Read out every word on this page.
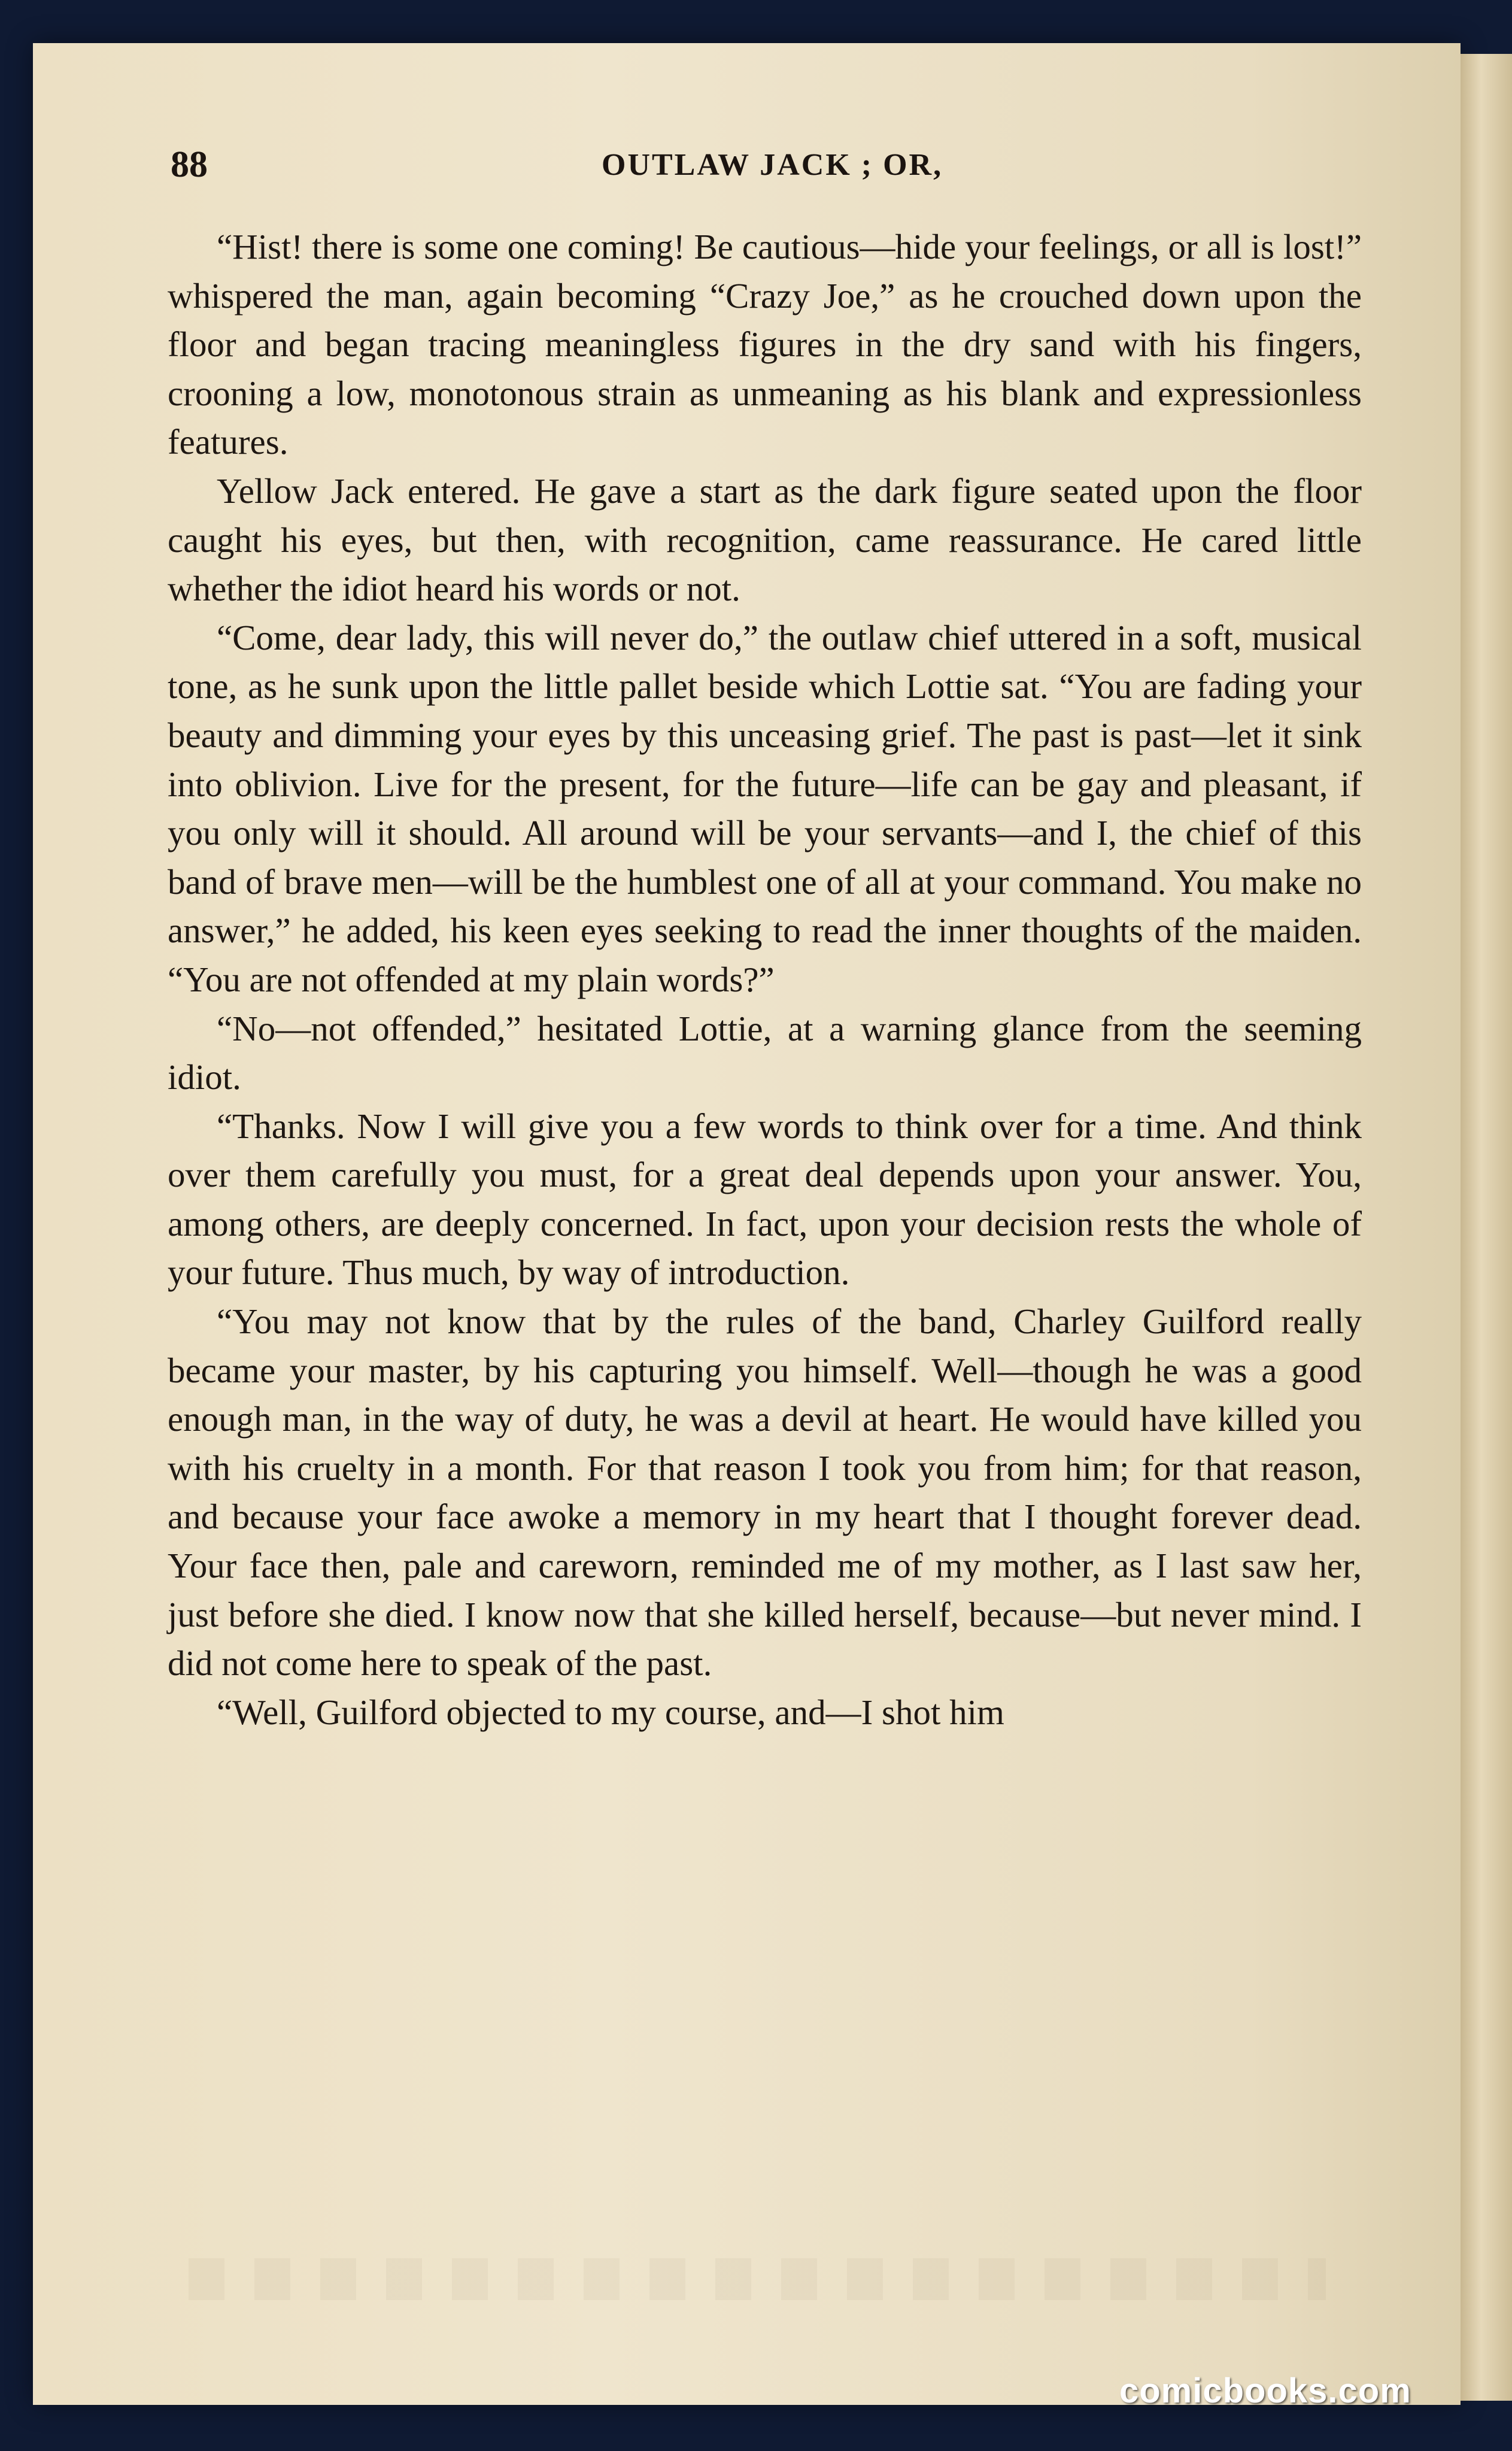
88	OUTLAW JACK ; OR,

“Hist! there is some one coming! Be cautious—hide your feelings, or all is lost!” whispered the man, again becoming “Crazy Joe,” as he crouched down upon the floor and began tracing meaningless figures in the dry sand with his fingers, crooning a low, monotonous strain as unmeaning as his blank and expressionless features.

Yellow Jack entered. He gave a start as the dark figure seated upon the floor caught his eyes, but then, with recognition, came reassurance. He cared little whether the idiot heard his words or not.

“Come, dear lady, this will never do,” the outlaw chief uttered in a soft, musical tone, as he sunk upon the little pallet beside which Lottie sat. “You are fading your beauty and dimming your eyes by this unceasing grief. The past is past—let it sink into oblivion. Live for the present, for the future—life can be gay and pleasant, if you only will it should. All around will be your servants—and I, the chief of this band of brave men—will be the humblest one of all at your command. You make no answer,” he added, his keen eyes seeking to read the inner thoughts of the maiden. “You are not offended at my plain words?”

“No—not offended,” hesitated Lottie, at a warning glance from the seeming idiot.

“Thanks. Now I will give you a few words to think over for a time. And think over them carefully you must, for a great deal depends upon your answer. You, among others, are deeply concerned. In fact, upon your decision rests the whole of your future. Thus much, by way of introduction.

“You may not know that by the rules of the band, Charley Guilford really became your master, by his capturing you himself. Well—though he was a good enough man, in the way of duty, he was a devil at heart. He would have killed you with his cruelty in a month. For that reason I took you from him; for that reason, and because your face awoke a memory in my heart that I thought forever dead. Your face then, pale and careworn, reminded me of my mother, as I last saw her, just before she died. I know now that she killed herself, because—but never mind. I did not come here to speak of the past.

“Well, Guilford objected to my course, and—I shot him

comicbooks.com
